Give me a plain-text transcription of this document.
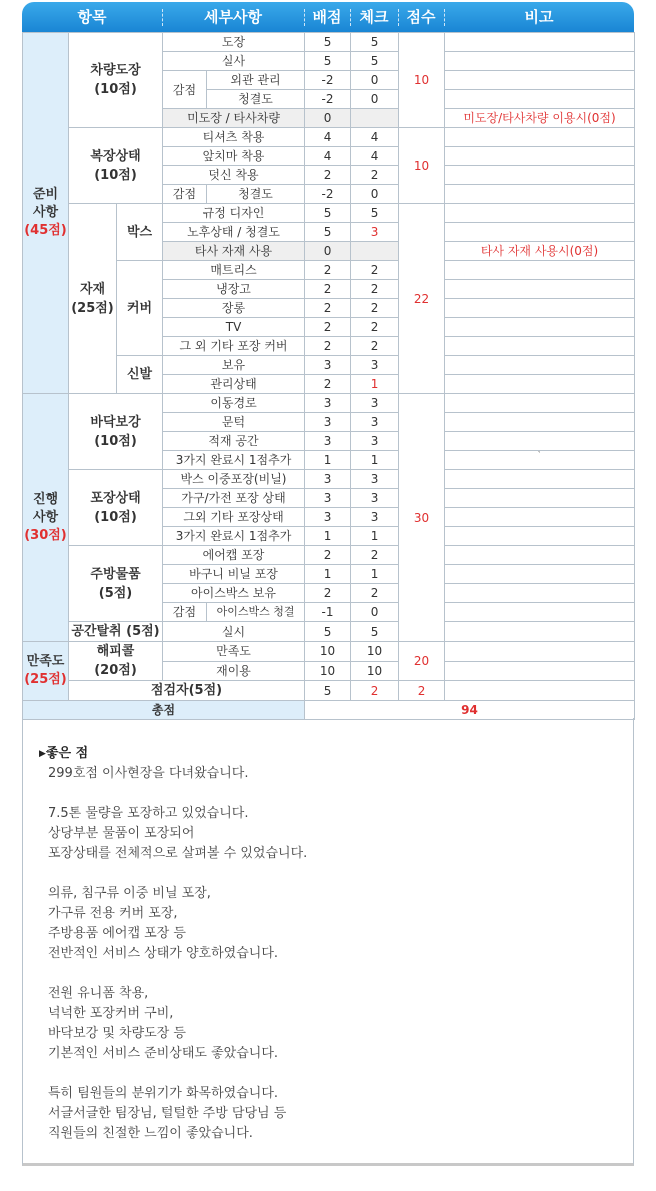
항목	세부사항	배점	체크	점수	비고
준비
사항
(45점)	차량도장
(10점)		도장		5	5	10	
			실사		5	5		
			감점	외관 관리	-2	0		
				청결도	-2	0		
			미도장 / 타사차량		0			미도장/타사차량 이용시(0점)

	복장상태
(10점)		티셔츠 착용		4	4	10	
			앞치마 착용		4	4		
			덧신 착용		2	2		
			감점	청결도	-2	0		

	자재
(25점)	박스	규정 디자인		5	5	22	
			노후상태 / 청결도		5	3		
			타사 자재 사용		0			타사 자재 사용시(0점)
		커버	매트리스		2	2		
			냉장고		2	2		
			장롱		2	2		
			TV		2	2		
			그 외 기타 포장 커버		2	2		
		신발	보유		3	3		
			관리상태		2	1		

진행
사항
(30점)	바닥보강
(10점)		이동경로		3	3	30	
			문턱		3	3		
			적재 공간		3	3		
			3가지 완료시 1점추가		1	1		`

	포장상태
(10점)		박스 이중포장(비닐)		3	3		
			가구/가전 포장 상태		3	3		
			그외 기타 포장상태		3	3		
			3가지 완료시 1점추가		1	1		

	주방물품
(5점)		에어캡 포장		2	2		
			바구니 비닐 포장		1	1		
			아이스박스 보유		2	2		
			감점	아이스박스 청결	-1	0		
	공간탈취 (5점)		실시		5	5		

만족도
(25점)	해피콜
(20점)		만족도		10	10	20	
			재이용		10	10		
	점검자(5점)				5	2	2	
총점					94			
▶좋은 점

299호점 이사현장을 다녀왔습니다.

7.5톤 물량을 포장하고 있었습니다.

상당부분 물품이 포장되어

포장상태를 전체적으로 살펴볼 수 있었습니다.

의류, 침구류 이중 비닐 포장,

가구류 전용 커버 포장,

주방용품 에어캡 포장 등

전반적인 서비스 상태가 양호하였습니다.

전원 유니폼 착용,

넉넉한 포장커버 구비,

바닥보강 및 차량도장 등

기본적인 서비스 준비상태도 좋았습니다.

특히 팀원들의 분위기가 화목하였습니다.

서글서글한 팀장님, 털털한 주방 담당님 등

직원들의 친절한 느낌이 좋았습니다.
